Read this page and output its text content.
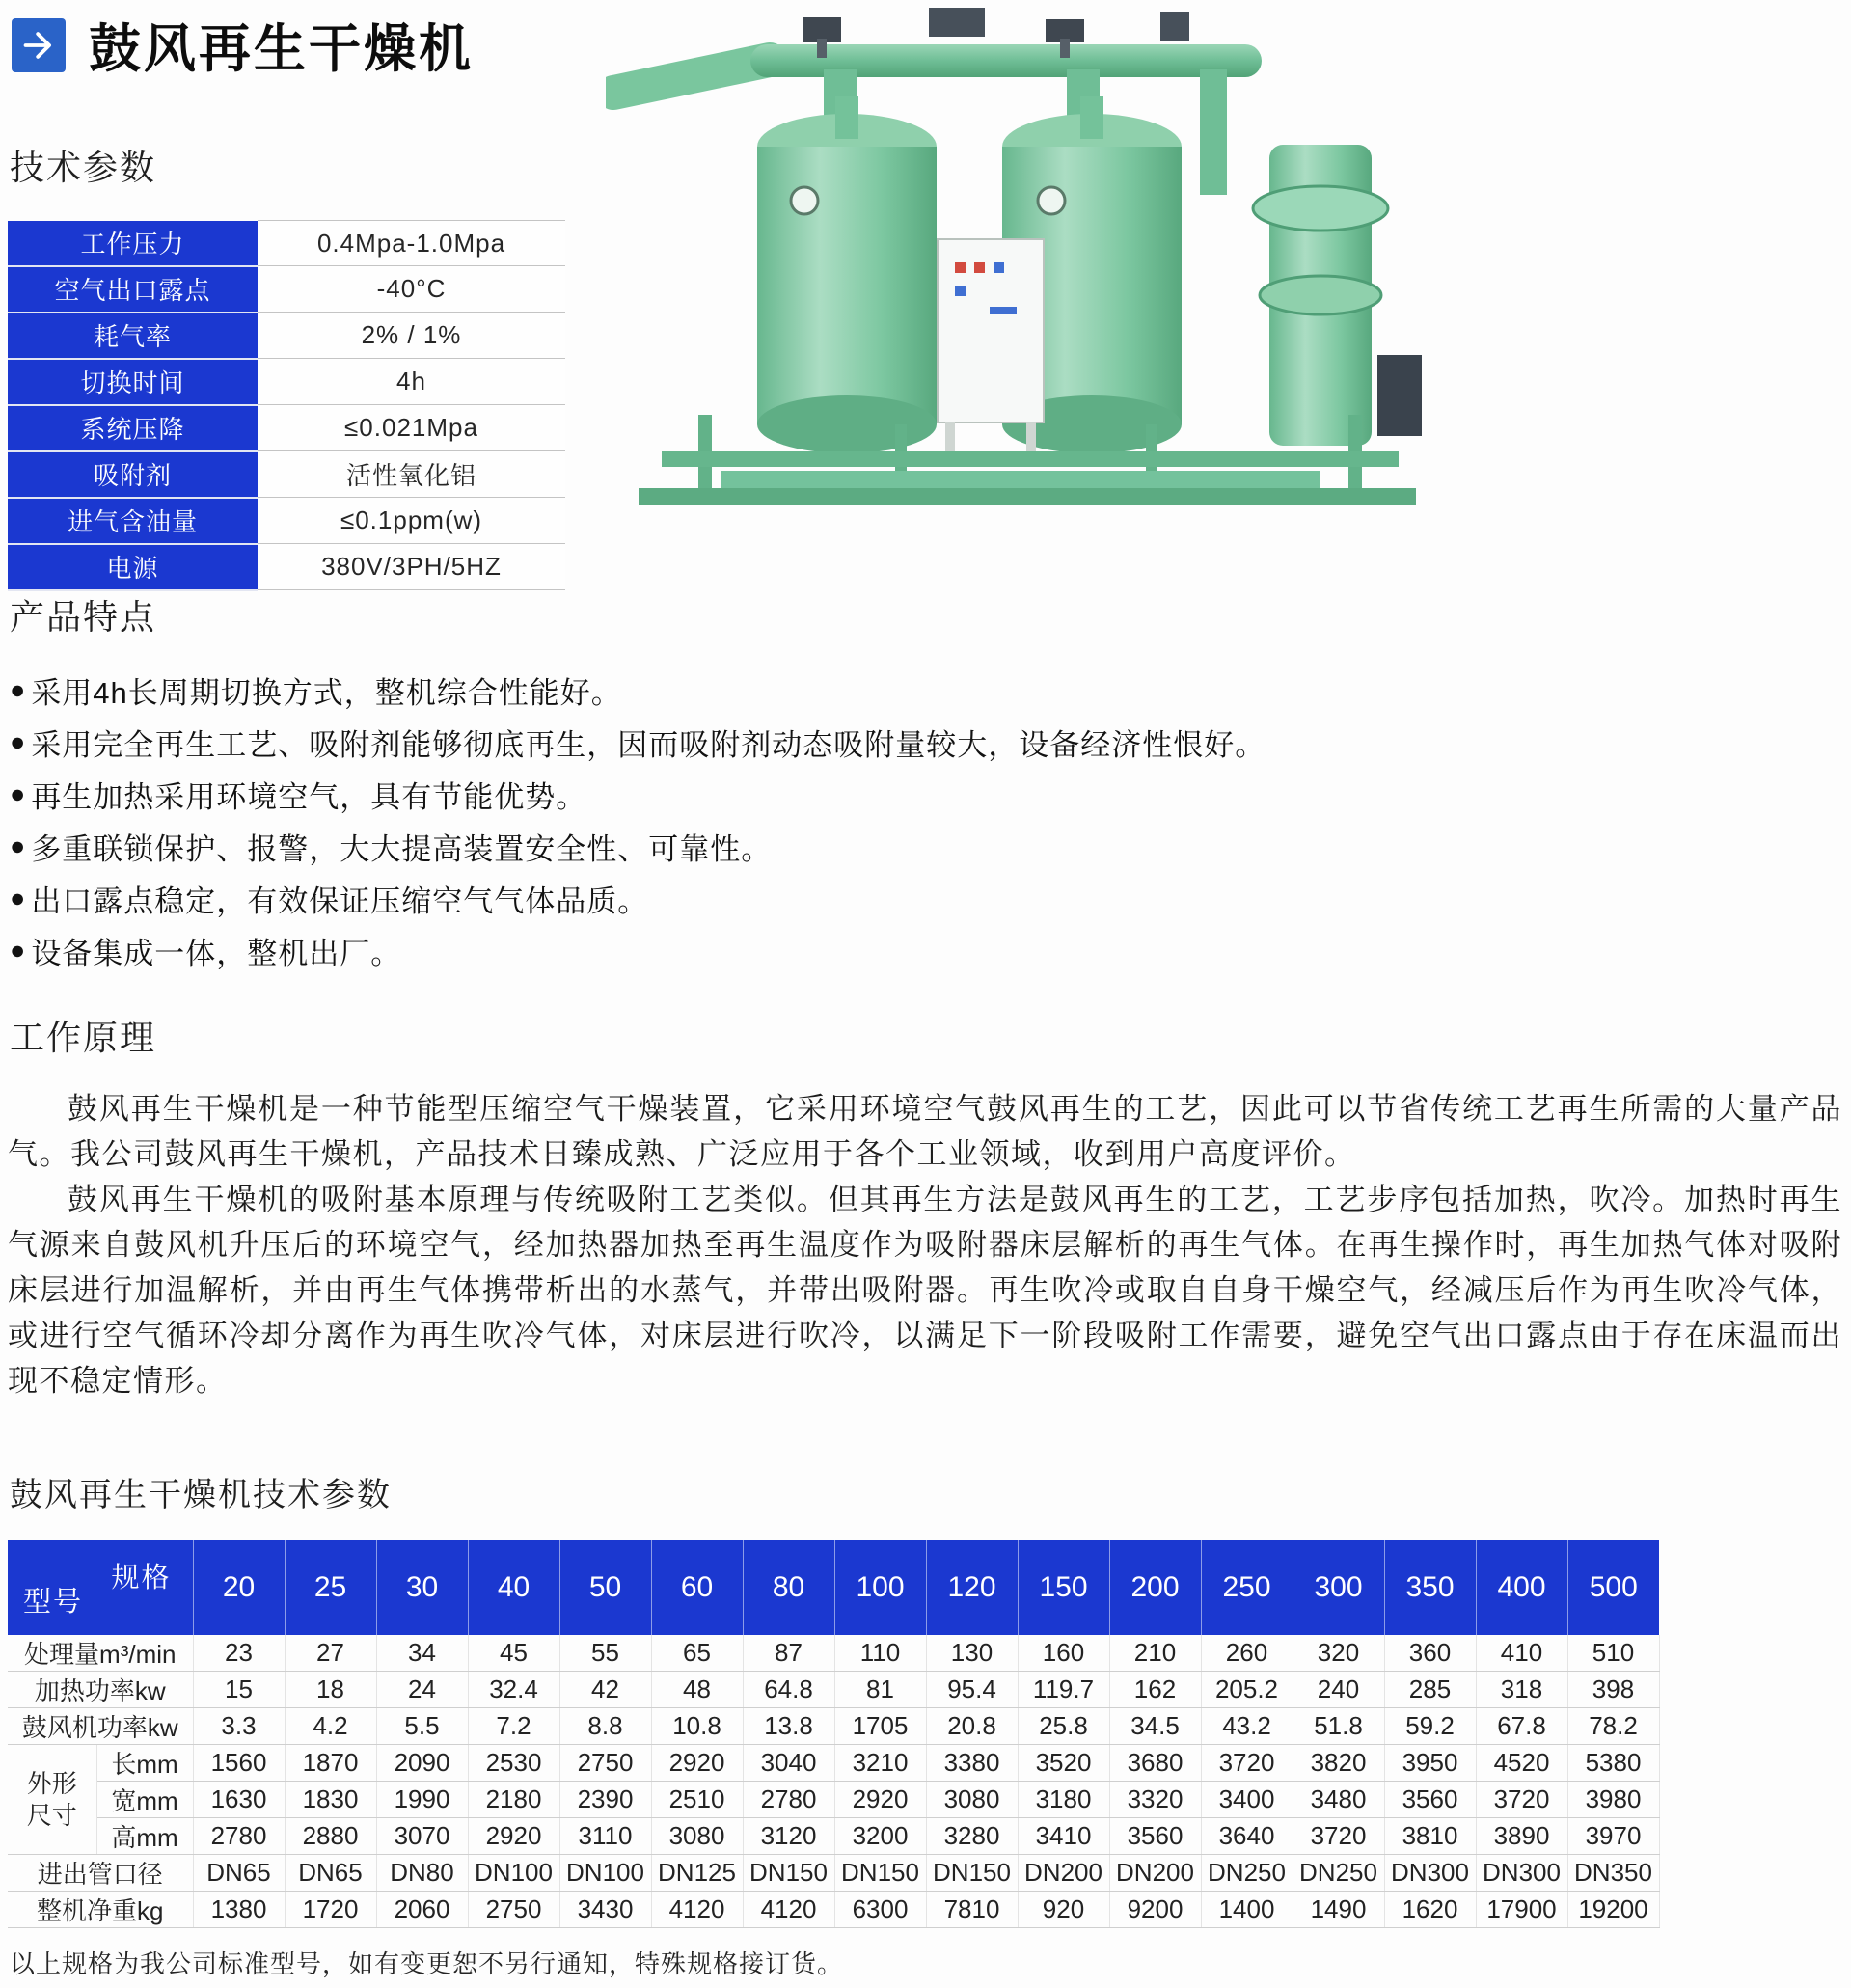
鼓风再生干燥机
技术参数
工作压力	0.4Mpa-1.0Mpa
空气出口露点	-40°C
耗气率	2% / 1%
切换时间	4h
系统压降	≤0.021Mpa
吸附剂	活性氧化铝
进气含油量	≤0.1ppm(w)
电源	380V/3PH/5HZ
产品特点
● 采用4h长周期切换方式，整机综合性能好。
● 采用完全再生工艺、吸附剂能够彻底再生，因而吸附剂动态吸附量较大，设备经济性恨好。
● 再生加热采用环境空气，具有节能优势。
● 多重联锁保护、报警，大大提高装置安全性、可靠性。
● 出口露点稳定，有效保证压缩空气气体品质。
● 设备集成一体，整机出厂。
工作原理

鼓风再生干燥机是一种节能型压缩空气干燥装置，它采用环境空气鼓风再生的工艺，因此可以节省传统工艺再生所需的大量产品气。我公司鼓风再生干燥机，产品技术日臻成熟、广泛应用于各个工业领域，收到用户高度评价。

鼓风再生干燥机的吸附基本原理与传统吸附工艺类似。但其再生方法是鼓风再生的工艺，工艺步序包括加热，吹冷。加热时再生气源来自鼓风机升压后的环境空气，经加热器加热至再生温度作为吸附器床层解析的再生气体。在再生操作时，再生加热气体对吸附床层进行加温解析，并由再生气体携带析出的水蒸气，并带出吸附器。再生吹冷或取自自身干燥空气，经减压后作为再生吹冷气体，或进行空气循环冷却分离作为再生吹冷气体，对床层进行吹冷，以满足下一阶段吸附工作需要，避免空气出口露点由于存在床温而出现不稳定情形。

鼓风再生干燥机技术参数
规格
型号		20	25	30	40	50	60	80	100	120	150	200	250	300	350	400	500
处理量m³/min		23	27	34	45	55	65	87	110	130	160	210	260	320	360	410	510
加热功率kw		15	18	24	32.4	42	48	64.8	81	95.4	119.7	162	205.2	240	285	318	398
鼓风机功率kw		3.3	4.2	5.5	7.2	8.8	10.8	13.8	1705	20.8	25.8	34.5	43.2	51.8	59.2	67.8	78.2
外形尺寸	长mm	1560	1870	2090	2530	2750	2920	3040	3210	3380	3520	3680	3720	3820	3950	4520	5380
	宽mm	1630	1830	1990	2180	2390	2510	2780	2920	3080	3180	3320	3400	3480	3560	3720	3980
	高mm	2780	2880	3070	2920	3110	3080	3120	3200	3280	3410	3560	3640	3720	3810	3890	3970
进出管口径		DN65	DN65	DN80	DN100	DN100	DN125	DN150	DN150	DN150	DN200	DN200	DN250	DN250	DN300	DN300	DN350
整机净重kg		1380	1720	2060	2750	3430	4120	4120	6300	7810	920	9200	1400	1490	1620	17900	19200
以上规格为我公司标准型号，如有变更恕不另行通知，特殊规格接订货。
